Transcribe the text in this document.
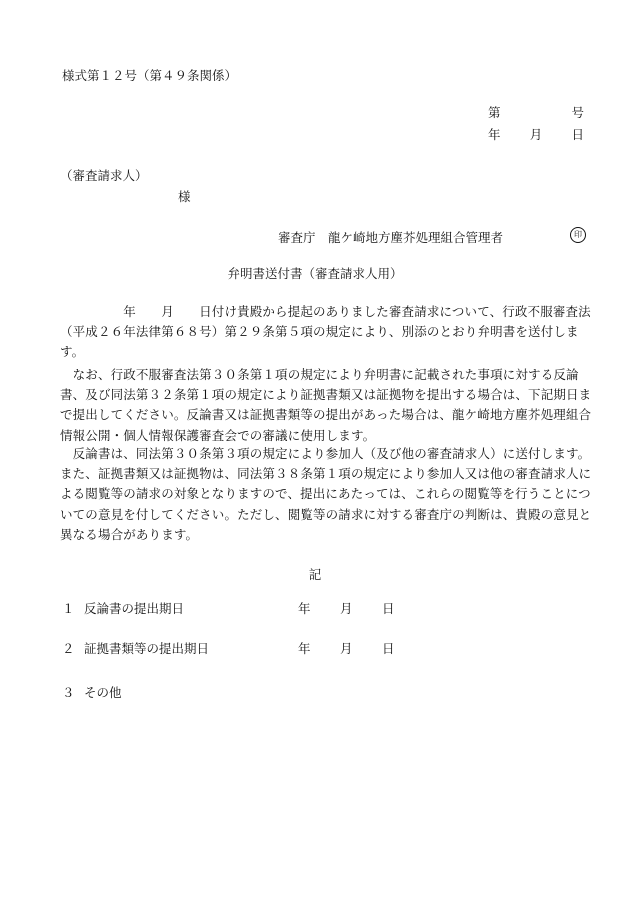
様式第１２号（第４９条関係）
第	号
年 月 日
（審査請求人）
様
審査庁　龍ケ崎地方塵芥処理組合管理者	印
弁明書送付書（審査請求人用）
　　　　　年　　月　　日付け貴殿から提起のありました審査請求について、行政不服審査法（平成２６年法律第６８号）第２９条第５項の規定により、別添のとおり弁明書を送付します。
　なお、行政不服審査法第３０条第１項の規定により弁明書に記載された事項に対する反論書、及び同法第３２条第１項の規定により証拠書類又は証拠物を提出する場合は、下記期日まで提出してください。反論書又は証拠書類等の提出があった場合は、龍ケ崎地方塵芥処理組合情報公開・個人情報保護審査会での審議に使用します。
　反論書は、同法第３０条第３項の規定により参加人（及び他の審査請求人）に送付します。また、証拠書類又は証拠物は、同法第３８条第１項の規定により参加人又は他の審査請求人による閲覧等の請求の対象となりますので、提出にあたっては、これらの閲覧等を行うことについての意見を付してください。ただし、閲覧等の請求に対する審査庁の判断は、貴殿の意見と異なる場合があります。
記
１ 反論書の提出期日	年	月	日
２ 証拠書類等の提出期日	年	月	日
３ その他
